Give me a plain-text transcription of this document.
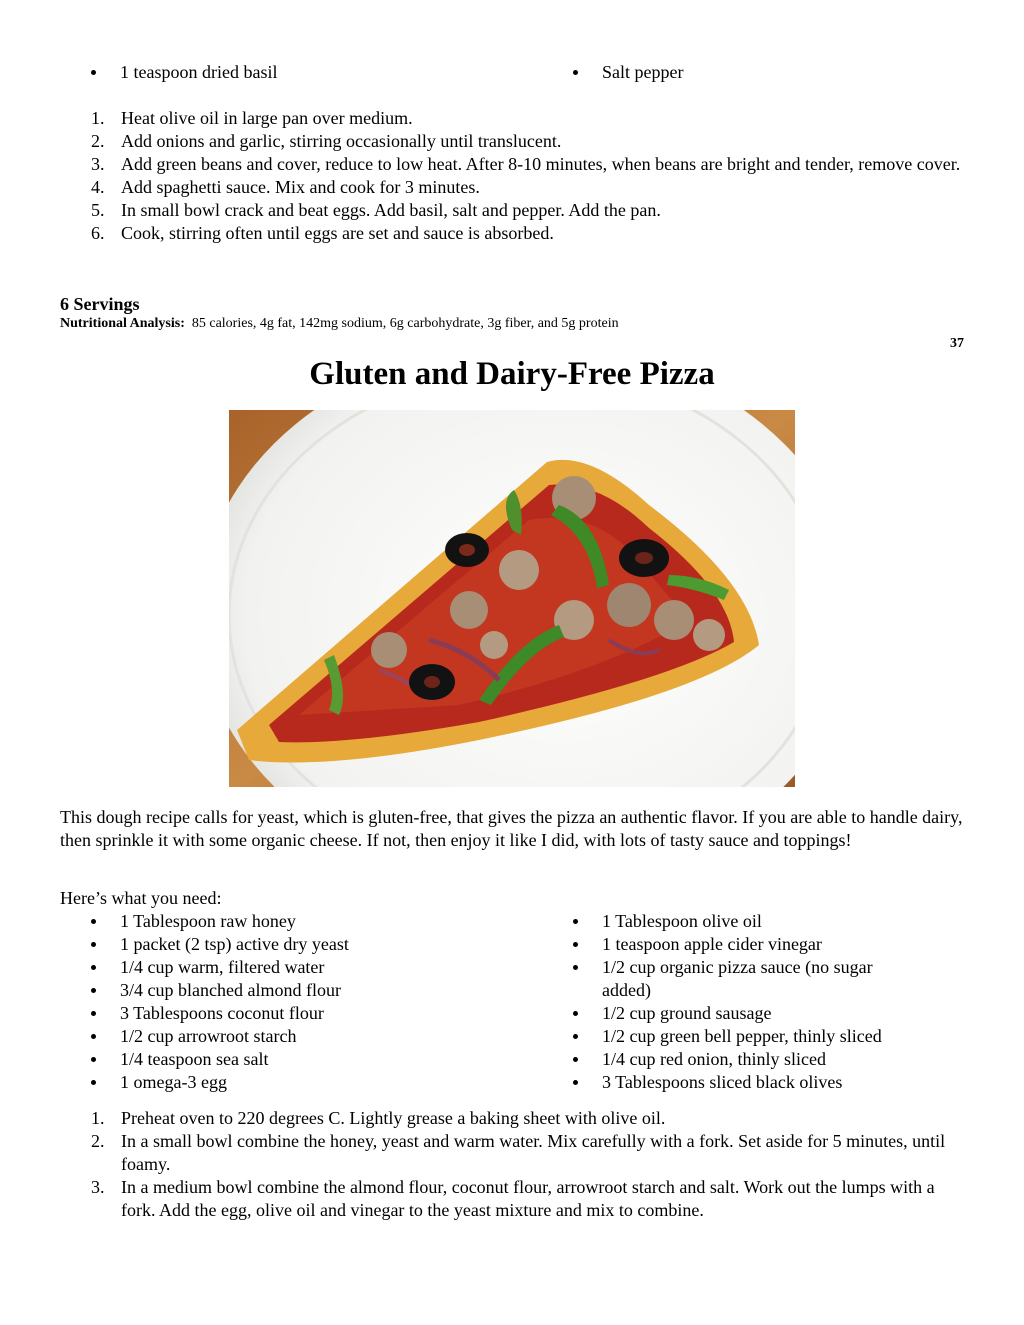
1 teaspoon dried basil	Salt pepper
1. Heat olive oil in large pan over medium.
2. Add onions and garlic, stirring occasionally until translucent.
3. Add green beans and cover, reduce to low heat. After 8-10 minutes, when beans are bright and tender, remove cover.
4. Add spaghetti sauce. Mix and cook for 3 minutes.
5. In small bowl crack and beat eggs. Add basil, salt and pepper. Add the pan.
6. Cook, stirring often until eggs are set and sauce is absorbed.
6 Servings
Nutritional Analysis: 85 calories, 4g fat, 142mg sodium, 6g carbohydrate, 3g fiber, and 5g protein
37
Gluten and Dairy-Free Pizza
This dough recipe calls for yeast, which is gluten-free, that gives the pizza an authentic flavor. If you are able to handle dairy, then sprinkle it with some organic cheese. If not, then enjoy it like I did, with lots of tasty sauce and toppings!
Here’s what you need:
1 Tablespoon raw honey
1 packet (2 tsp) active dry yeast
1/4 cup warm, filtered water
3/4 cup blanched almond flour
3 Tablespoons coconut flour
1/2 cup arrowroot starch
1/4 teaspoon sea salt
1 omega-3 egg
1 Tablespoon olive oil
1 teaspoon apple cider vinegar
1/2 cup organic pizza sauce (no sugar added)
1/2 cup ground sausage
1/2 cup green bell pepper, thinly sliced
1/4 cup red onion, thinly sliced
3 Tablespoons sliced black olives
1. Preheat oven to 220 degrees C. Lightly grease a baking sheet with olive oil.
2. In a small bowl combine the honey, yeast and warm water. Mix carefully with a fork. Set aside for 5 minutes, until foamy.
3. In a medium bowl combine the almond flour, coconut flour, arrowroot starch and salt. Work out the lumps with a fork. Add the egg, olive oil and vinegar to the yeast mixture and mix to combine.
